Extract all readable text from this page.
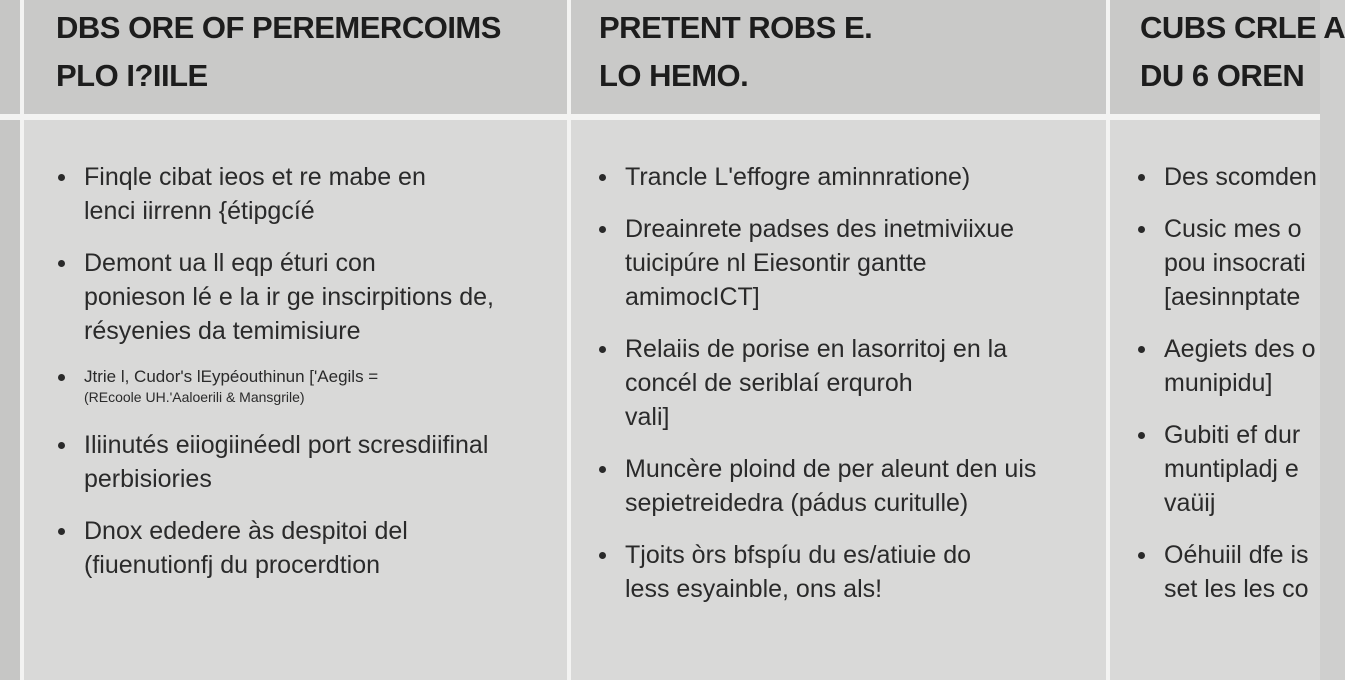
DBS ORE OF PEREMERCOIMS
PLO I?IILE
Finqle cibat ieos et re mabe en
lenci iirrenn {étipgcíé
Demont ua ll eqp éturi con
ponieson lé e la ir ge inscirpitions de,
résyenies da temimisiure
Jtrie l, Cudor's lEypéouthinun ['Aegils =
(REcoole UH.'Aaloerili & Mansgrile)
Iliinutés eiiogiinéedl port scresdiifinal
perbisiories
Dnox ededere às despitoi del
(fiuenutionfj du procerdtion
PRETENT ROBS E.
LO HEMO.
Trancle L'effogre aminnratione)
Dreainrete padses des inetmiviixue
tuicipúre nl Eiesontir gantte
amimocICT]
Relaiis de porise en lasorritoj en la
concél de seriblaí erquroh
vali]
Muncère ploind de per aleunt den uis
sepietreidedra (pádus curitulle)
Tjoits òrs bfspíu du es/atiuie do
less esyainble, ons als!
CUBS CRLE A
DU 6 OREN
Des scomden
Cusic mes o
pou insocrati
[aesinnptate
Aegiets des o
munipidu]
Gubiti ef dur
muntipladj e
vaüij
Oéhuiil dfe is
set les les co
